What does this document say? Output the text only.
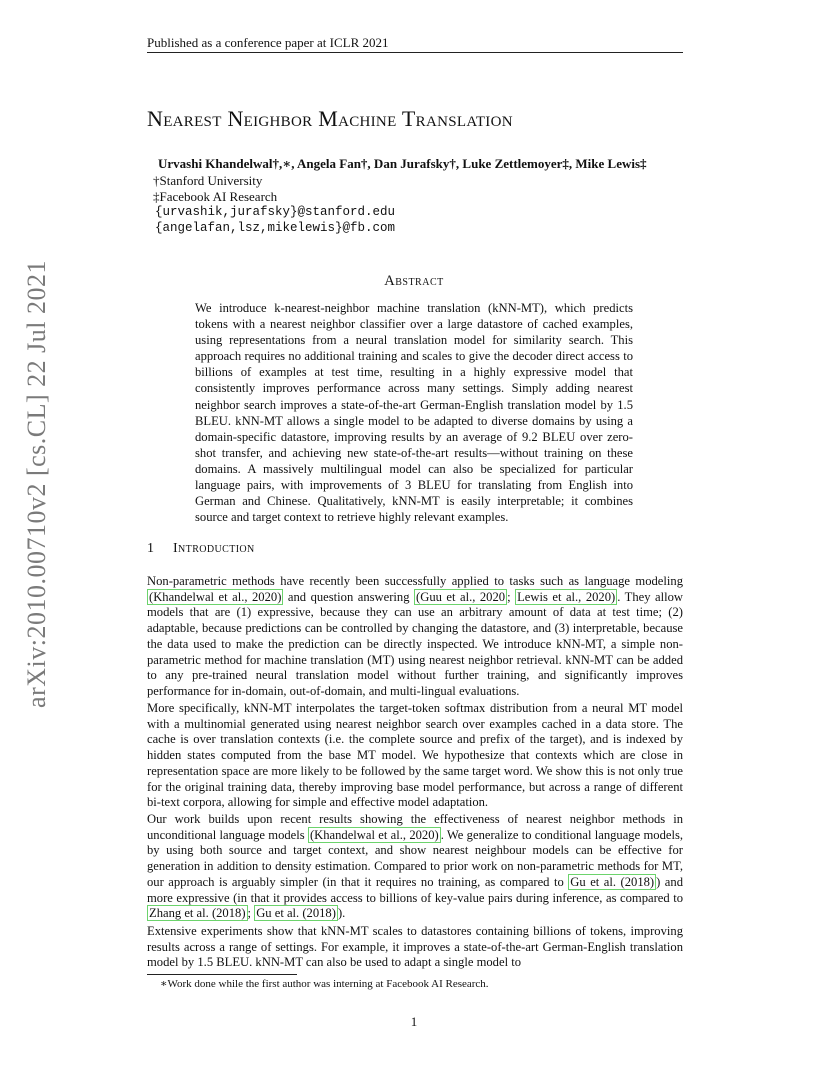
Published as a conference paper at ICLR 2021
Nearest Neighbor Machine Translation
Urvashi Khandelwal†,∗, Angela Fan†, Dan Jurafsky†, Luke Zettlemoyer‡, Mike Lewis‡
†Stanford University
‡Facebook AI Research
{urvashik,jurafsky}@stanford.edu
{angelafan,lsz,mikelewis}@fb.com
Abstract

We introduce k-nearest-neighbor machine translation (kNN-MT), which predicts tokens with a nearest neighbor classifier over a large datastore of cached examples, using representations from a neural translation model for similarity search. This approach requires no additional training and scales to give the decoder direct access to billions of examples at test time, resulting in a highly expressive model that consistently improves performance across many settings. Simply adding nearest neighbor search improves a state-of-the-art German-English translation model by 1.5 BLEU. kNN-MT allows a single model to be adapted to diverse domains by using a domain-specific datastore, improving results by an average of 9.2 BLEU over zero-shot transfer, and achieving new state-of-the-art results—without training on these domains. A massively multilingual model can also be specialized for particular language pairs, with improvements of 3 BLEU for translating from English into German and Chinese. Qualitatively, kNN-MT is easily interpretable; it combines source and target context to retrieve highly relevant examples.

1 Introduction

Non-parametric methods have recently been successfully applied to tasks such as language modeling (Khandelwal et al., 2020) and question answering (Guu et al., 2020 ; Lewis et al., 2020) . They allow models that are (1) expressive, because they can use an arbitrary amount of data at test time; (2) adaptable, because predictions can be controlled by changing the datastore, and (3) interpretable, because the data used to make the prediction can be directly inspected. We introduce kNN-MT, a simple non-parametric method for machine translation (MT) using nearest neighbor retrieval. kNN-MT can be added to any pre-trained neural translation model without further training, and significantly improves performance for in-domain, out-of-domain, and multi-lingual evaluations.

More specifically, kNN-MT interpolates the target-token softmax distribution from a neural MT model with a multinomial generated using nearest neighbor search over examples cached in a data store. The cache is over translation contexts (i.e. the complete source and prefix of the target), and is indexed by hidden states computed from the base MT model. We hypothesize that contexts which are close in representation space are more likely to be followed by the same target word. We show this is not only true for the original training data, thereby improving base model performance, but across a range of different bi-text corpora, allowing for simple and effective model adaptation.

Our work builds upon recent results showing the effectiveness of nearest neighbor methods in unconditional language models (Khandelwal et al., 2020) . We generalize to conditional language models, by using both source and target context, and show nearest neighbour models can be effective for generation in addition to density estimation. Compared to prior work on non-parametric methods for MT, our approach is arguably simpler (in that it requires no training, as compared to Gu et al. (2018) ) and more expressive (in that it provides access to billions of key-value pairs during inference, as compared to Zhang et al. (2018) ; Gu et al. (2018) ).

Extensive experiments show that kNN-MT scales to datastores containing billions of tokens, improving results across a range of settings. For example, it improves a state-of-the-art German-English translation model by 1.5 BLEU. kNN-MT can also be used to adapt a single model to

∗Work done while the first author was interning at Facebook AI Research.
1
arXiv:2010.00710v2 [cs.CL] 22 Jul 2021
